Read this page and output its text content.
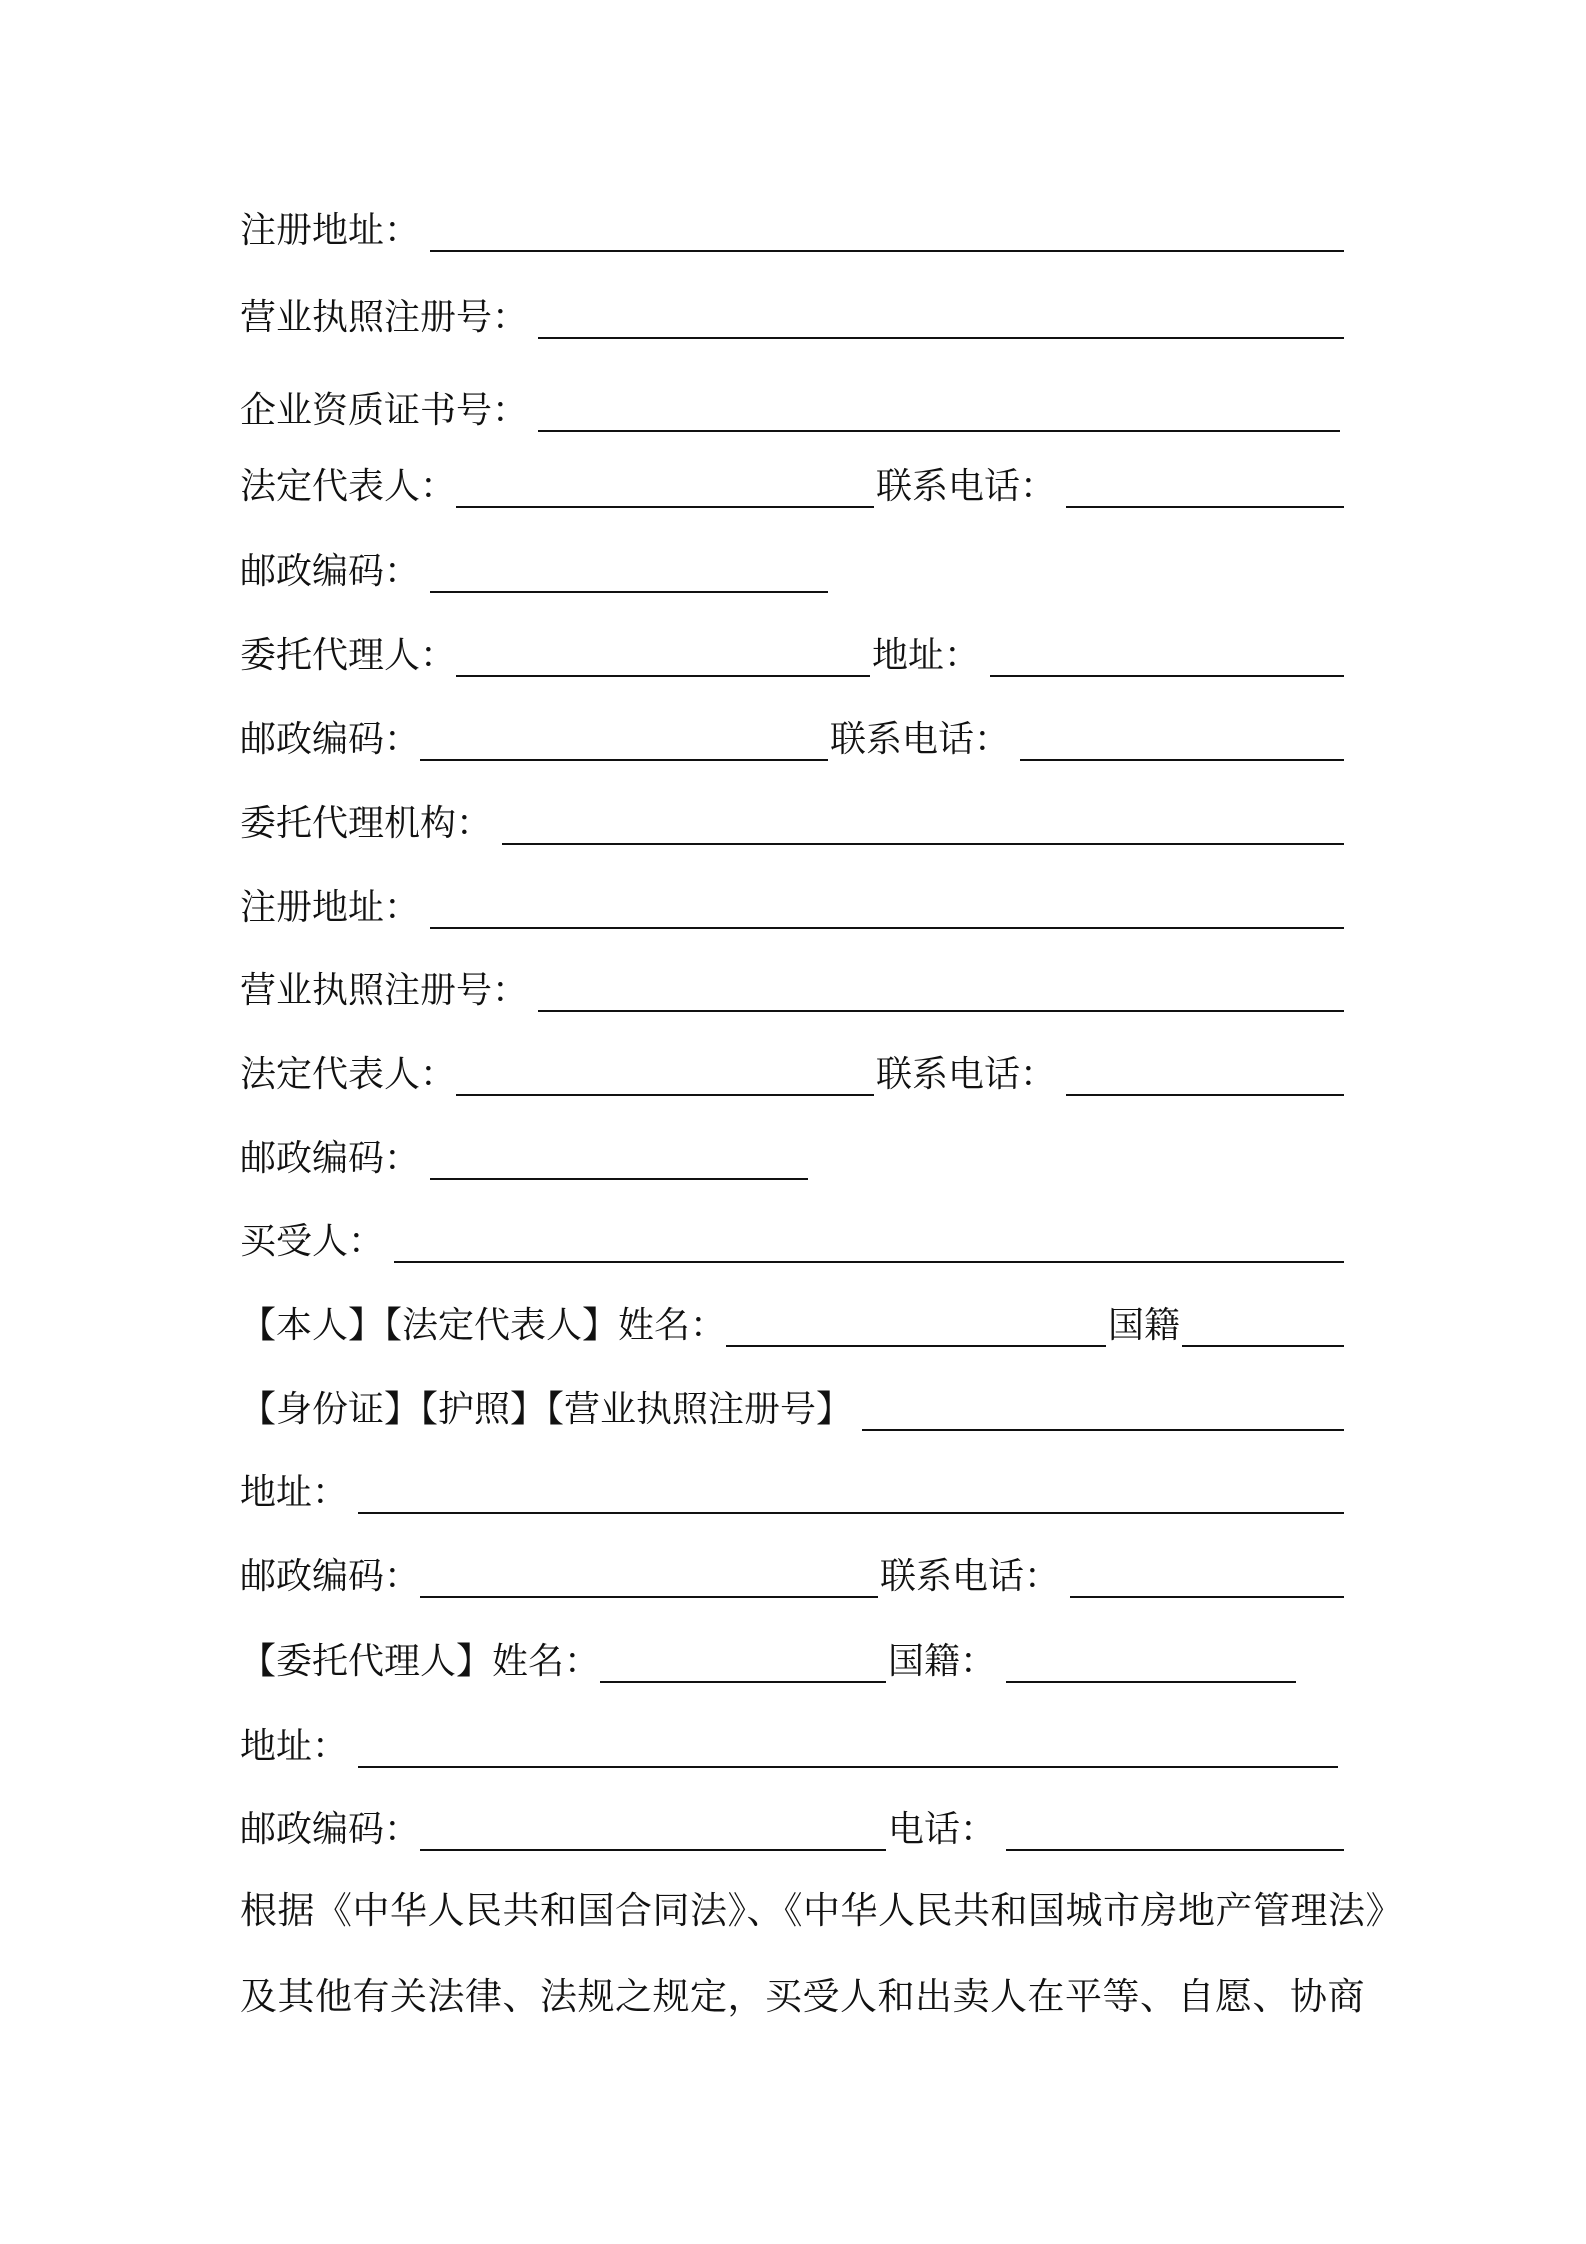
注册地址：
营业执照注册号：
企业资质证书号：
法定代表人：	联系电话：
邮政编码：
委托代理人：	地址：
邮政编码：	联系电话：
委托代理机构：
注册地址：
营业执照注册号：
法定代表人：	联系电话：
邮政编码：
买受人：
【本人】【法定代表人】姓名：	国籍
【身份证】【护照】【营业执照注册号】
地址：
邮政编码：	联系电话：
【委托代理人】姓名：	国籍：
地址：
邮政编码：	电话：
根据《中华人民共和国合同法》、《中华人民共和国城市房地产管理法》
及其他有关法律、法规之规定，买受人和出卖人在平等、自愿、协商
